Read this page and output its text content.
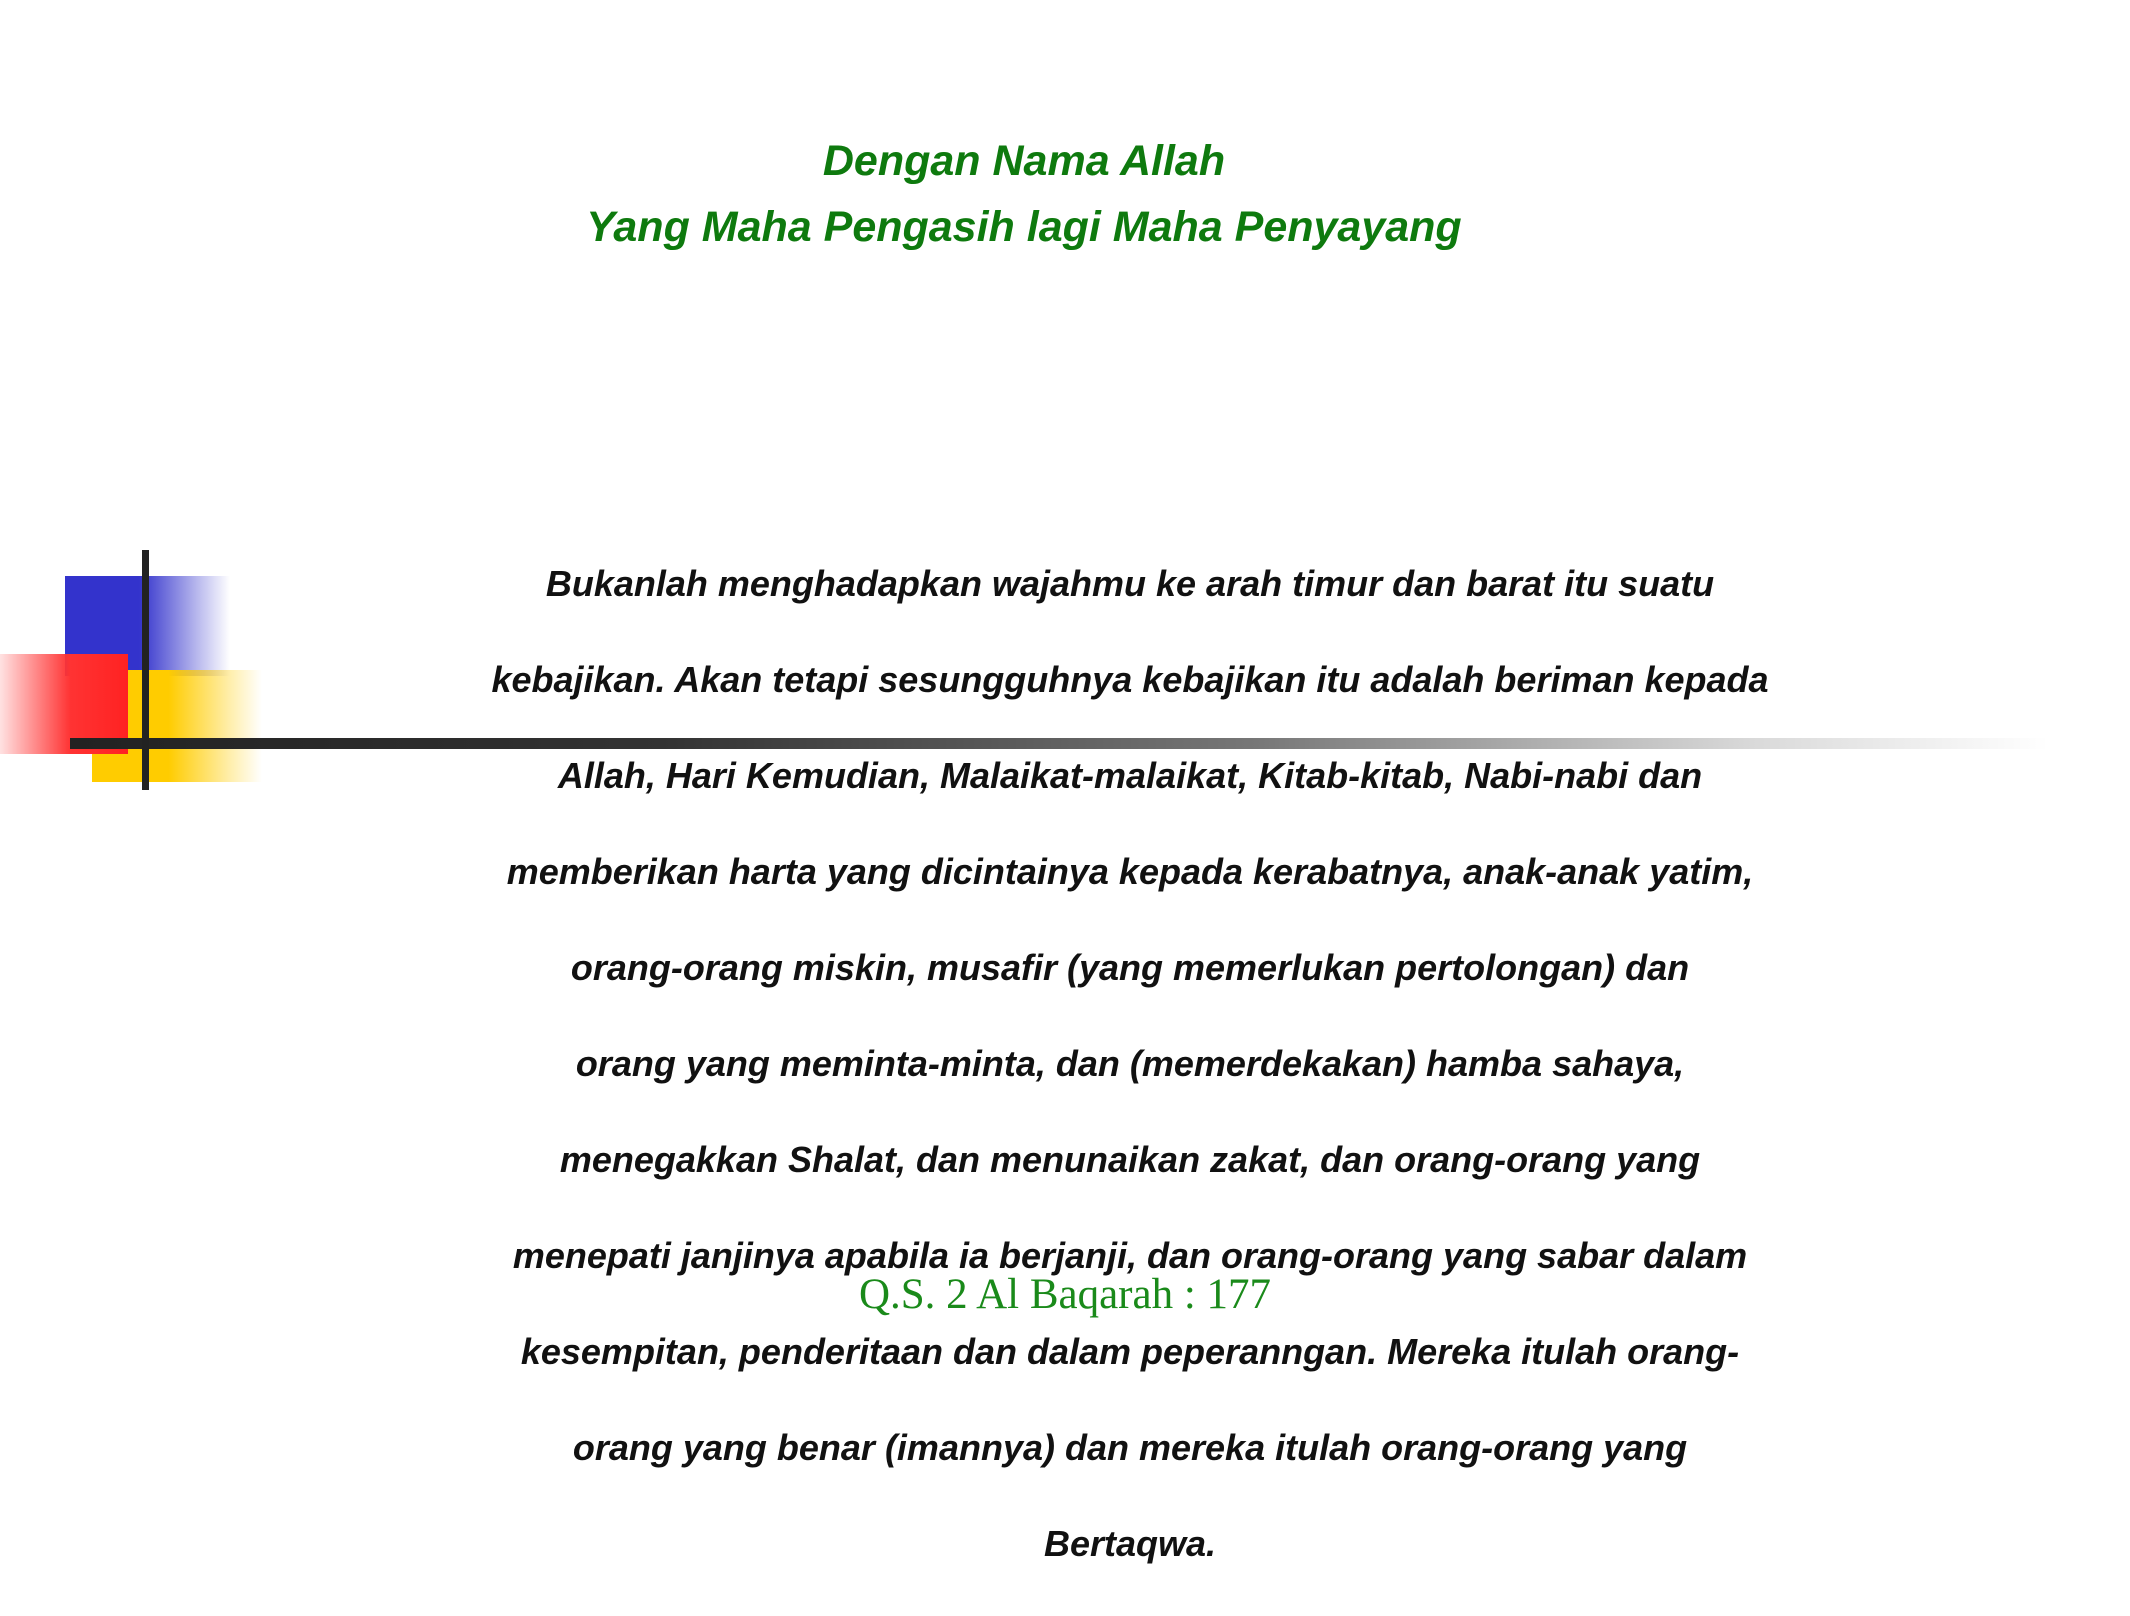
Dengan Nama Allah
Yang Maha Pengasih lagi Maha Penyayang

Bukanlah menghadapkan wajahmu ke arah timur dan barat itu suatu

kebajikan. Akan tetapi sesungguhnya kebajikan itu adalah beriman kepada

Allah, Hari Kemudian, Malaikat-malaikat, Kitab-kitab, Nabi-nabi dan

memberikan harta yang dicintainya kepada kerabatnya, anak-anak yatim,

orang-orang miskin, musafir (yang memerlukan pertolongan) dan

orang yang meminta-minta, dan (memerdekakan) hamba sahaya,

menegakkan Shalat, dan menunaikan zakat, dan orang-orang yang

menepati janjinya apabila ia berjanji, dan orang-orang yang sabar dalam

kesempitan, penderitaan dan dalam peperanngan. Mereka itulah orang-

orang yang benar (imannya) dan mereka itulah orang-orang yang

Bertaqwa.

Q.S. 2 Al Baqarah : 177
